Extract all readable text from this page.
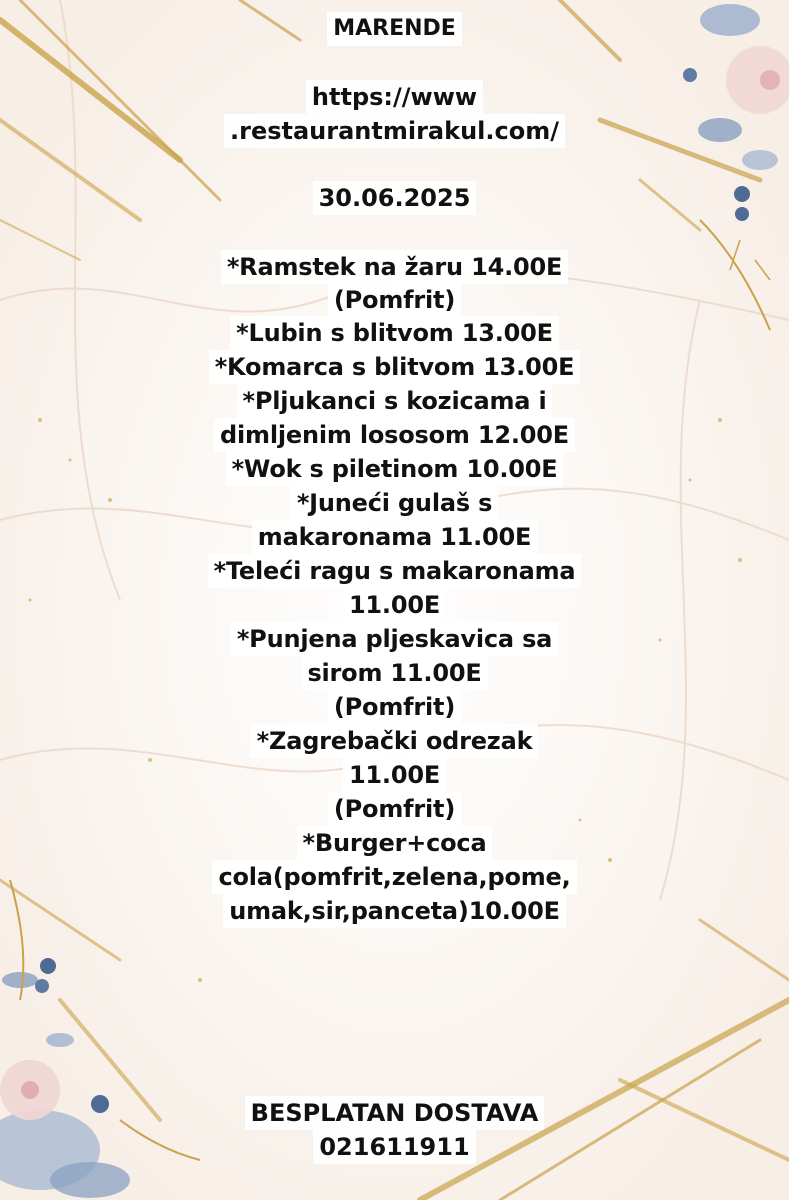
MARENDE
https://www
.restaurantmirakul.com/
30.06.2025
*Ramstek na žaru 14.00E
(Pomfrit)
*Lubin s blitvom 13.00E
*Komarca s blitvom 13.00E
*Pljukanci s kozicama i
dimljenim lososom 12.00E
*Wok s piletinom 10.00E
*Juneći gulaš s
makaronama 11.00E
*Teleći ragu s makaronama
11.00E
*Punjena pljeskavica sa
sirom 11.00E
(Pomfrit)
*Zagrebački odrezak
11.00E
(Pomfrit)
*Burger+coca
cola(pomfrit,zelena,pome,
umak,sir,panceta)10.00E
BESPLATAN DOSTAVA
021611911
